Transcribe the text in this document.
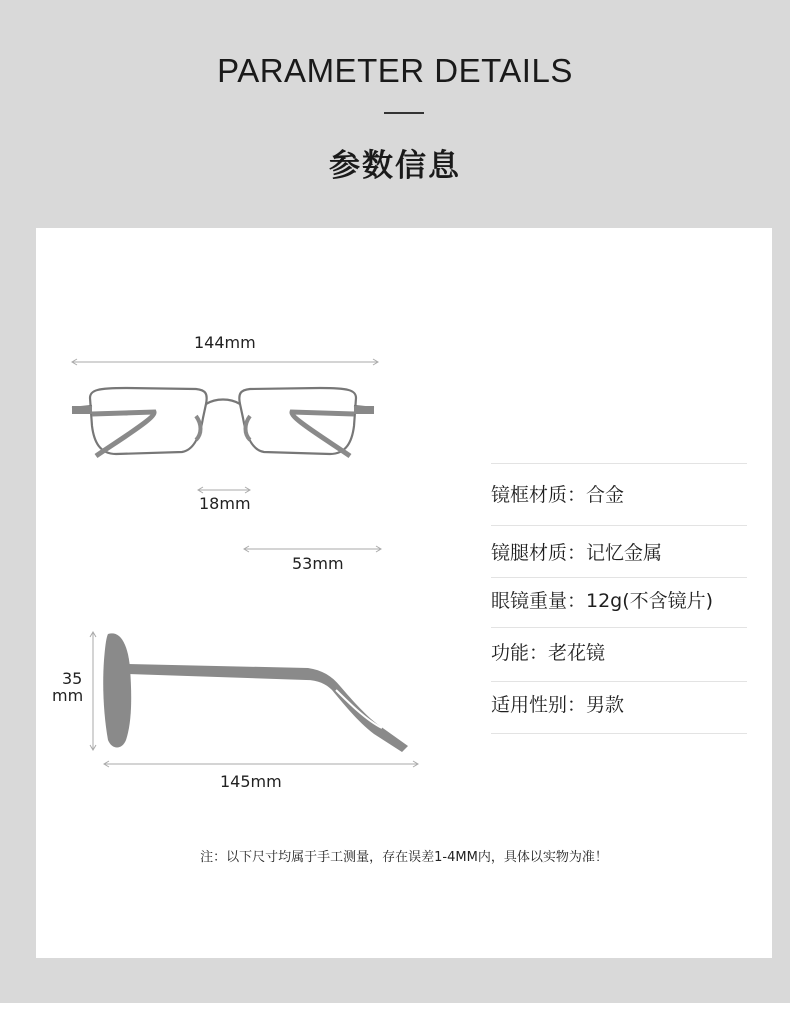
PARAMETER DETAILS
参数信息
144mm
18mm
53mm
35
mm
145mm
镜框材质：合金
镜腿材质：记忆金属
眼镜重量：12g(不含镜片)
功能：老花镜
适用性别：男款
注：以下尺寸均属于手工测量，存在误差1-4MM内，具体以实物为准！
